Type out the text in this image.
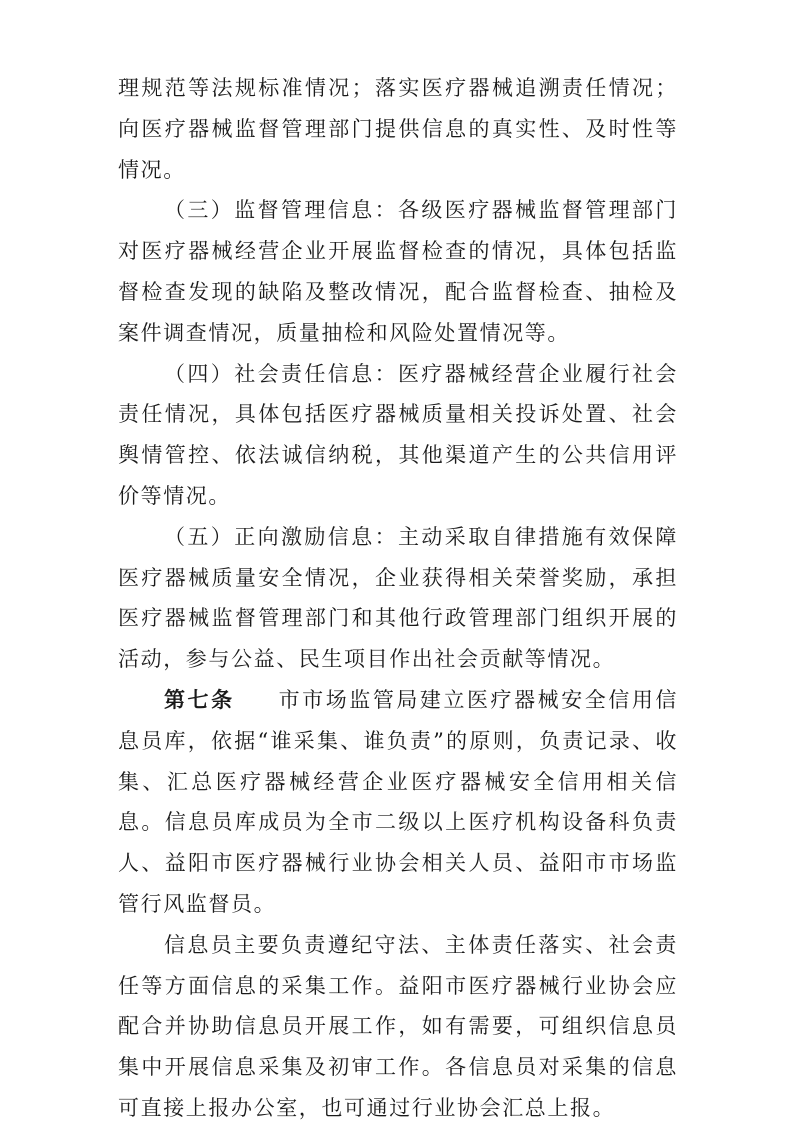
理规范等法规标准情况；落实医疗器械追溯责任情况；向医疗器械监督管理部门提供信息的真实性、及时性等情况。

（三）监督管理信息：各级医疗器械监督管理部门对医疗器械经营企业开展监督检查的情况，具体包括监督检查发现的缺陷及整改情况，配合监督检查、抽检及案件调查情况，质量抽检和风险处置情况等。

（四）社会责任信息：医疗器械经营企业履行社会责任情况，具体包括医疗器械质量相关投诉处置、社会舆情管控、依法诚信纳税，其他渠道产生的公共信用评价等情况。

（五）正向激励信息：主动采取自律措施有效保障医疗器械质量安全情况，企业获得相关荣誉奖励，承担医疗器械监督管理部门和其他行政管理部门组织开展的活动，参与公益、民生项目作出社会贡献等情况。

第七条 市市场监管局建立医疗器械安全信用信息员库，依据“谁采集、谁负责”的原则，负责记录、收集、汇总医疗器械经营企业医疗器械安全信用相关信息。信息员库成员为全市二级以上医疗机构设备科负责人、益阳市医疗器械行业协会相关人员、益阳市市场监管行风监督员。

信息员主要负责遵纪守法、主体责任落实、社会责任等方面信息的采集工作。益阳市医疗器械行业协会应配合并协助信息员开展工作，如有需要，可组织信息员集中开展信息采集及初审工作。各信息员对采集的信息可直接上报办公室，也可通过行业协会汇总上报。
